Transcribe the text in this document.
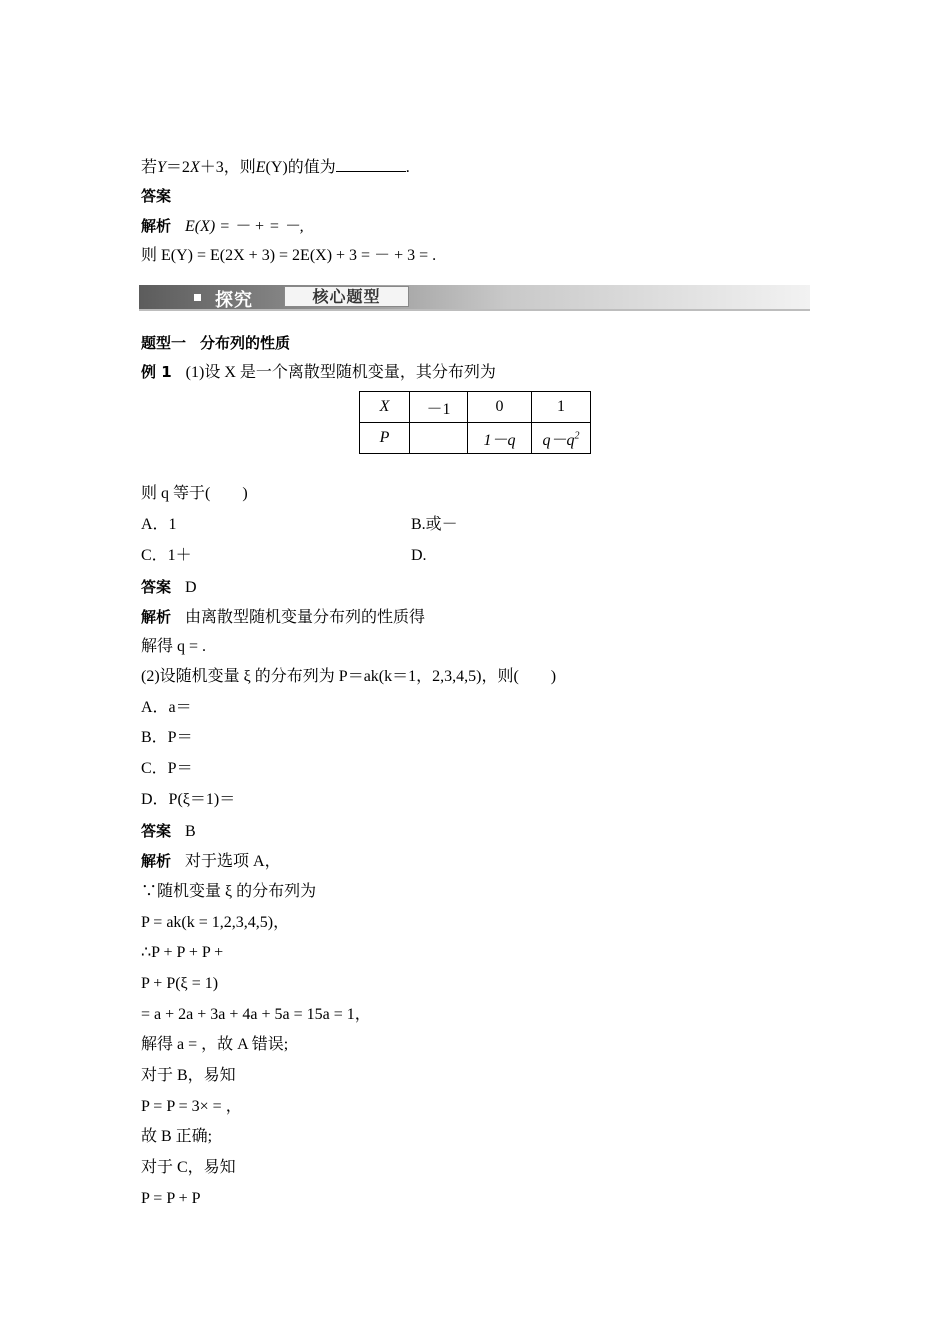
若Y＝2X＋3，则E(Y)的值为	.
答案
解析 E(X) = － + = －,
则 E(Y) = E(2X + 3) = 2E(X) + 3 = － + 3 = .
探究	核心题型
题型一 分布列的性质
例 1 (1)设 X 是一个离散型随机变量，其分布列为
X	－1	0	1
P		1－q	$q-q^2$
则 q 等于(　　)
A．1	B.或－
C．1＋	D.
答案 D
解析 由离散型随机变量分布列的性质得
解得 q = .
(2)设随机变量 ξ 的分布列为 P＝ak(k＝1，2,3,4,5)，则(　　)
A．a＝
B．P＝
C．P＝
D．P(ξ＝1)＝
答案 B
解析 对于选项 A，
∵随机变量 ξ 的分布列为
P = ak(k = 1,2,3,4,5)，
∴P + P + P +
P + P(ξ = 1)
= a + 2a + 3a + 4a + 5a = 15a = 1，
解得 a = ，故 A 错误;
对于 B，易知
P = P = 3× = ，
故 B 正确;
对于 C，易知
P = P + P
